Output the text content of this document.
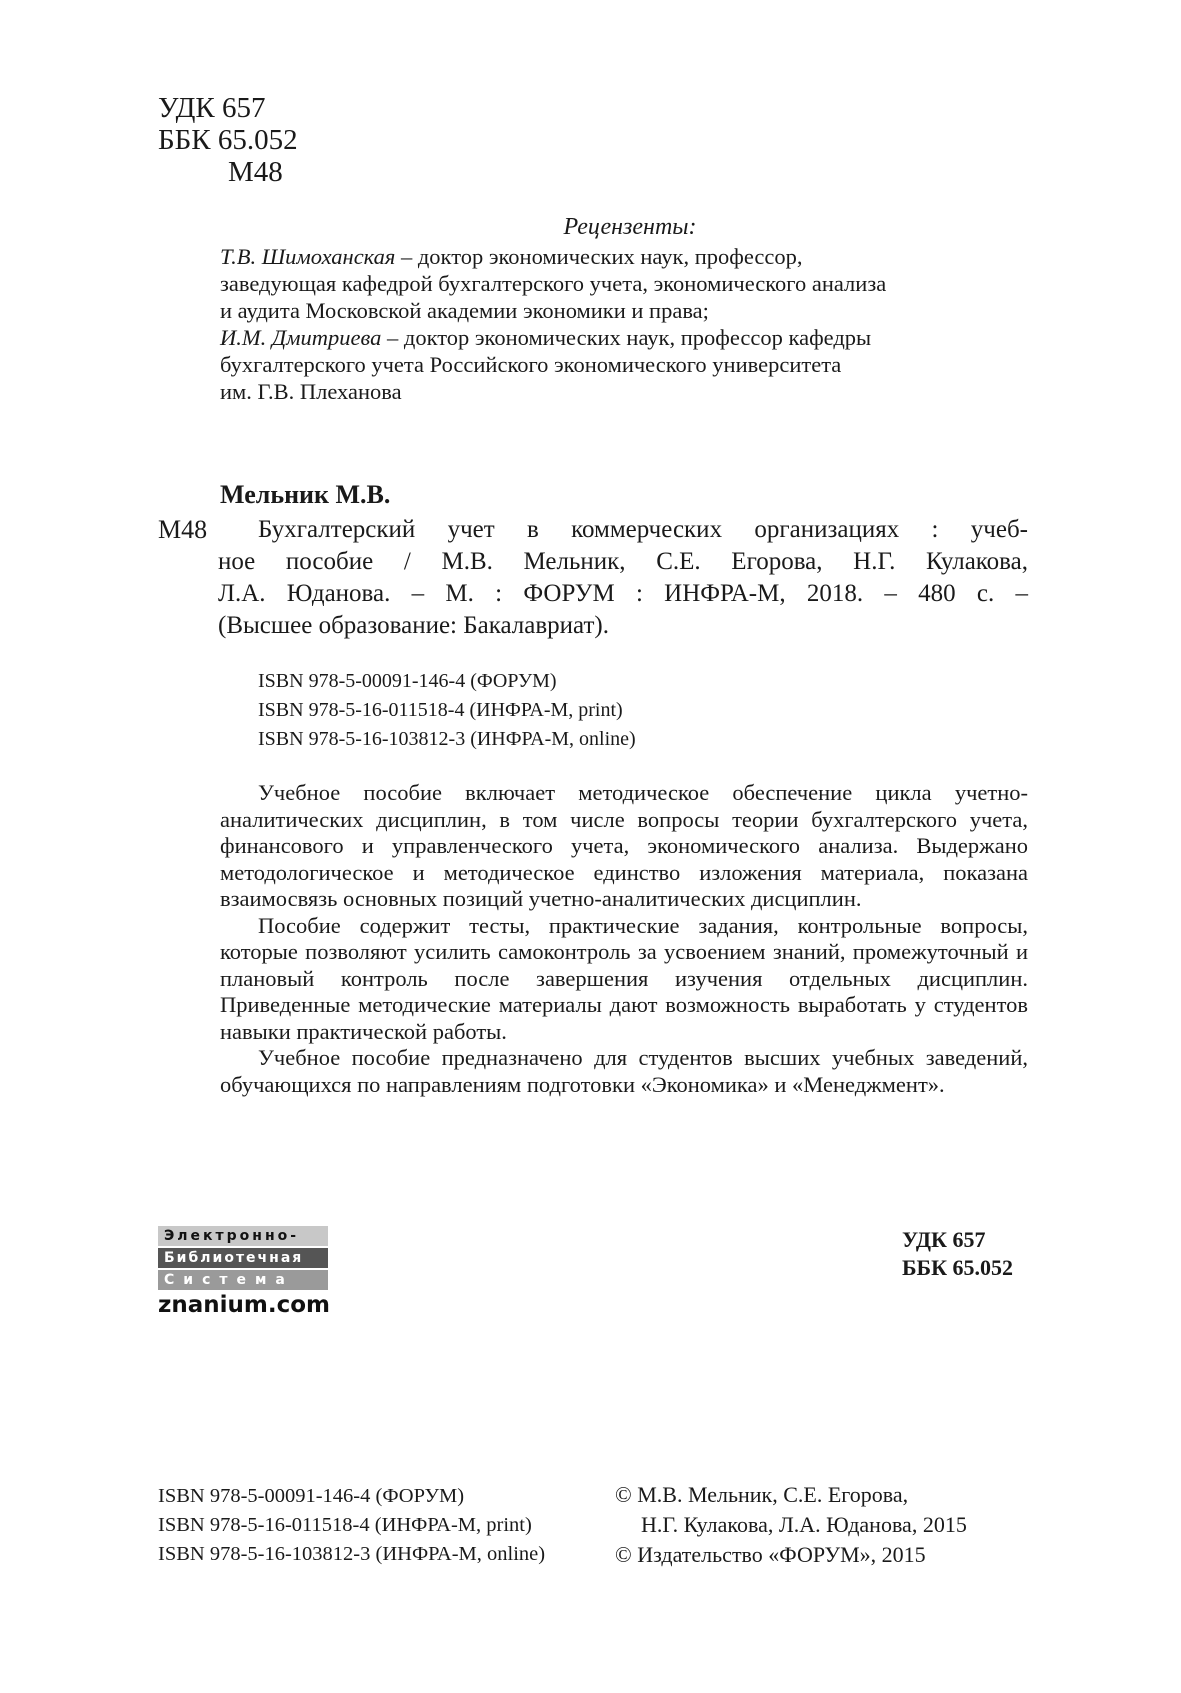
УДК 657
ББК 65.052
М48
Рецензенты:
Т.В. Шимоханская – доктор экономических наук, профессор,
заведующая кафедрой бухгалтерского учета, экономического анализа
и аудита Московской академии экономики и права;
И.М. Дмитриева – доктор экономических наук, профессор кафедры
бухгалтерского учета Российского экономического университета
им. Г.В. Плеханова
Мельник М.В.
М48 Бухгалтерский учет в коммерческих организациях : учеб-
ное пособие / М.В. Мельник, С.Е. Егорова, Н.Г. Кулакова,
Л.А. Юданова. – М. : ФОРУМ : ИНФРА-М, 2018. – 480 с. –
(Высшее образование: Бакалавриат).
ISBN 978-5-00091-146-4 (ФОРУМ)
ISBN 978-5-16-011518-4 (ИНФРА-М, print)
ISBN 978-5-16-103812-3 (ИНФРА-М, online)

Учебное пособие включает методическое обеспечение цикла учетно-аналитических дисциплин, в том числе вопросы теории бухгалтерского учета, финансового и управленческого учета, экономического анализа. Выдержано методологическое и методическое единство изложения материала, показана взаимосвязь основных позиций учетно-аналитических дисциплин.

Пособие содержит тесты, практические задания, контрольные вопросы, которые позволяют усилить самоконтроль за усвоением знаний, промежуточный и плановый контроль после завершения изучения отдельных дисциплин. Приведенные методические материалы дают возможность выработать у студентов навыки практической работы.

Учебное пособие предназначено для студентов высших учебных заведений, обучающихся по направлениям подготовки «Экономика» и «Менеджмент».

Электронно-
Библиотечная
Система
znanium.com
УДК 657
ББК 65.052
ISBN 978-5-00091-146-4 (ФОРУМ)
ISBN 978-5-16-011518-4 (ИНФРА-М, print)
ISBN 978-5-16-103812-3 (ИНФРА-М, online)
© М.В. Мельник, С.Е. Егорова,
Н.Г. Кулакова, Л.А. Юданова, 2015
© Издательство «ФОРУМ», 2015
